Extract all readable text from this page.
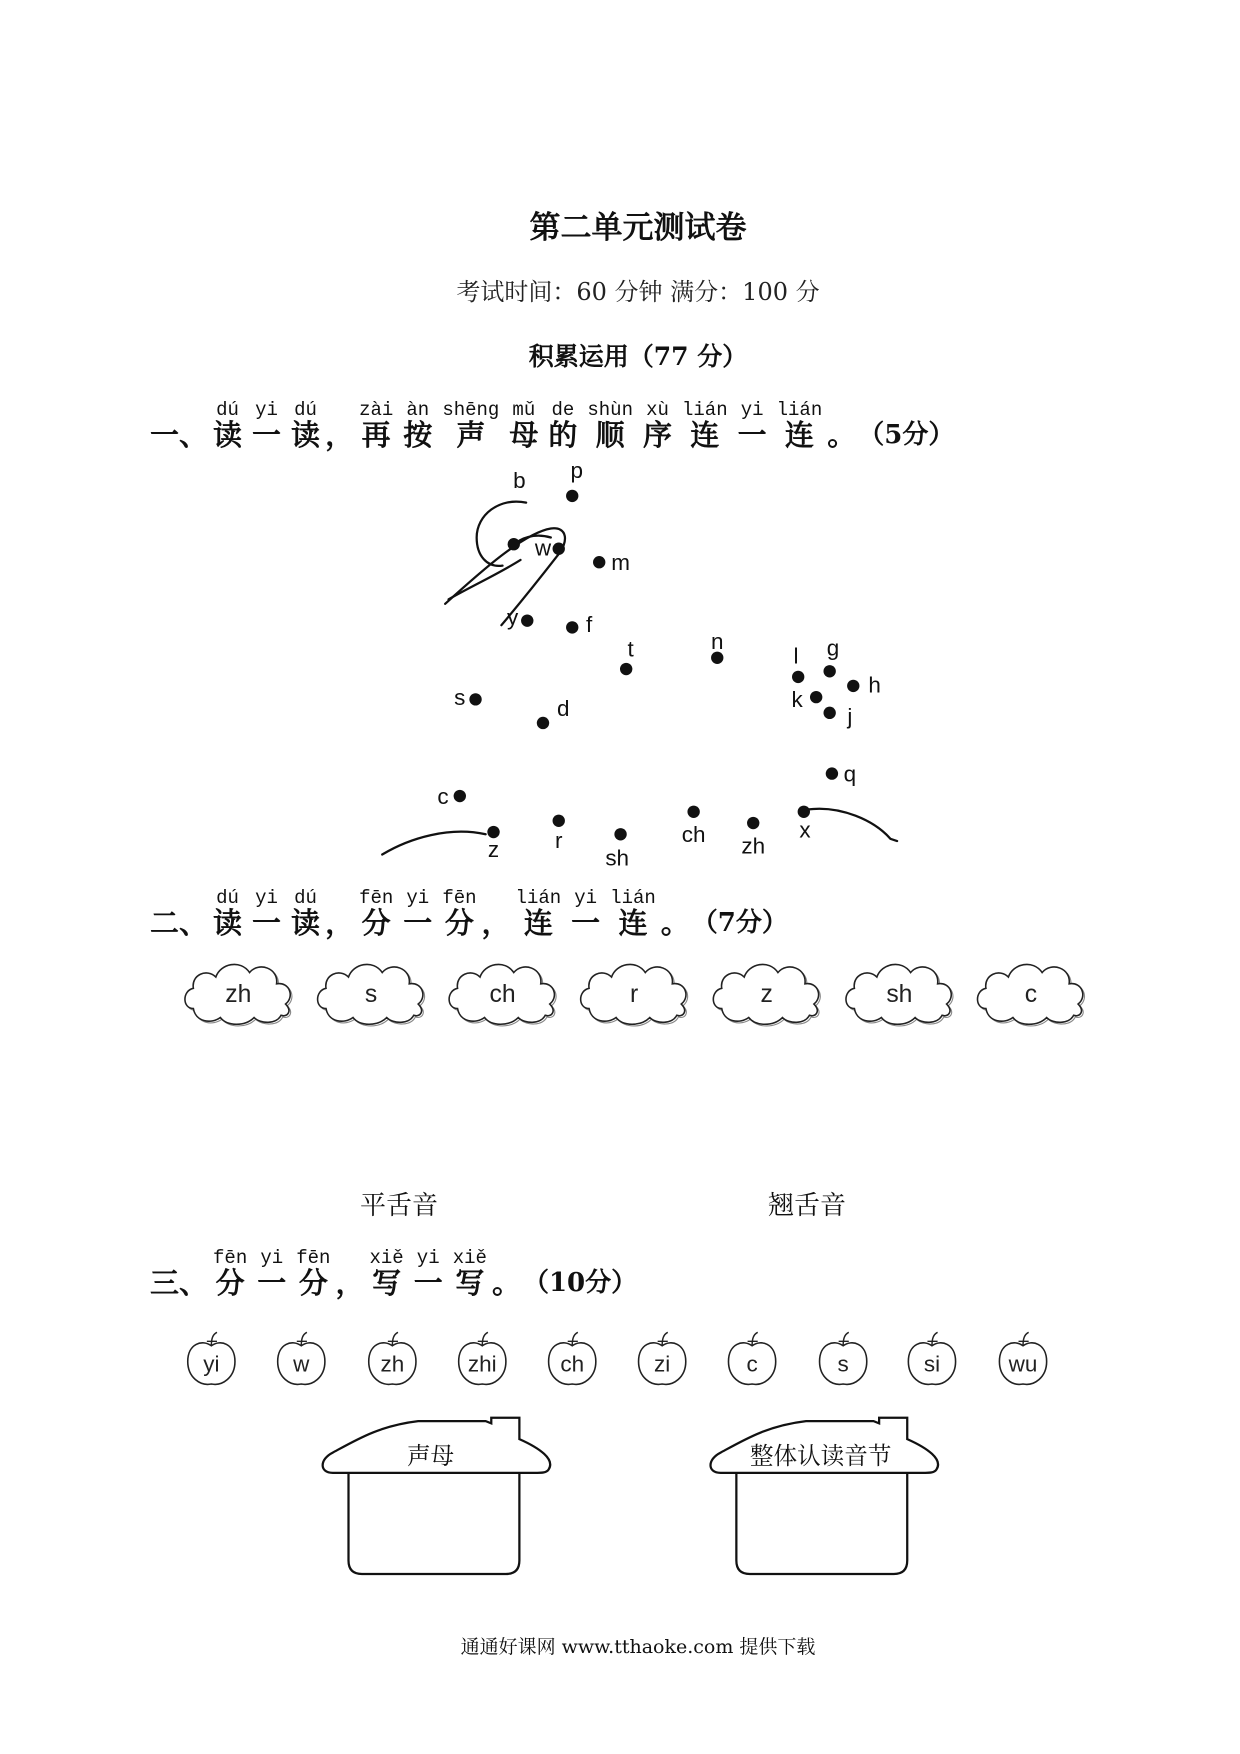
第二单元测试卷
考试时间：60 分钟 满分：100 分
积累运用（77 分）
一、
dú
读
yi
一
dú
读 ，
zài
再
àn
按
shēng
声
mǔ
母
de
的
shùn
顺
xù
序
lián
连
yi
一
lián
连 。 （5分）
二、
dú
读
yi
一
dú
读 ，
fēn
分
yi
一
fēn
分 ，
lián
连
yi
一
lián
连 。 （7分）
三、
fēn
分
yi
一
fēn
分 ，
xiě
写
yi
一
xiě
写 。 （10分）
平舌音	翘舌音
b p
w
m
y	f
t	n
l g
h
k
j
s	d
q
c
z	r
sh
ch zh
x
zh	s	ch	r	z	sh	c
yi	w	zh	zhi	ch	zi	c	s	si	wu
声母	整体认读音节
通通好课网 www.tthaoke.com 提供下载
